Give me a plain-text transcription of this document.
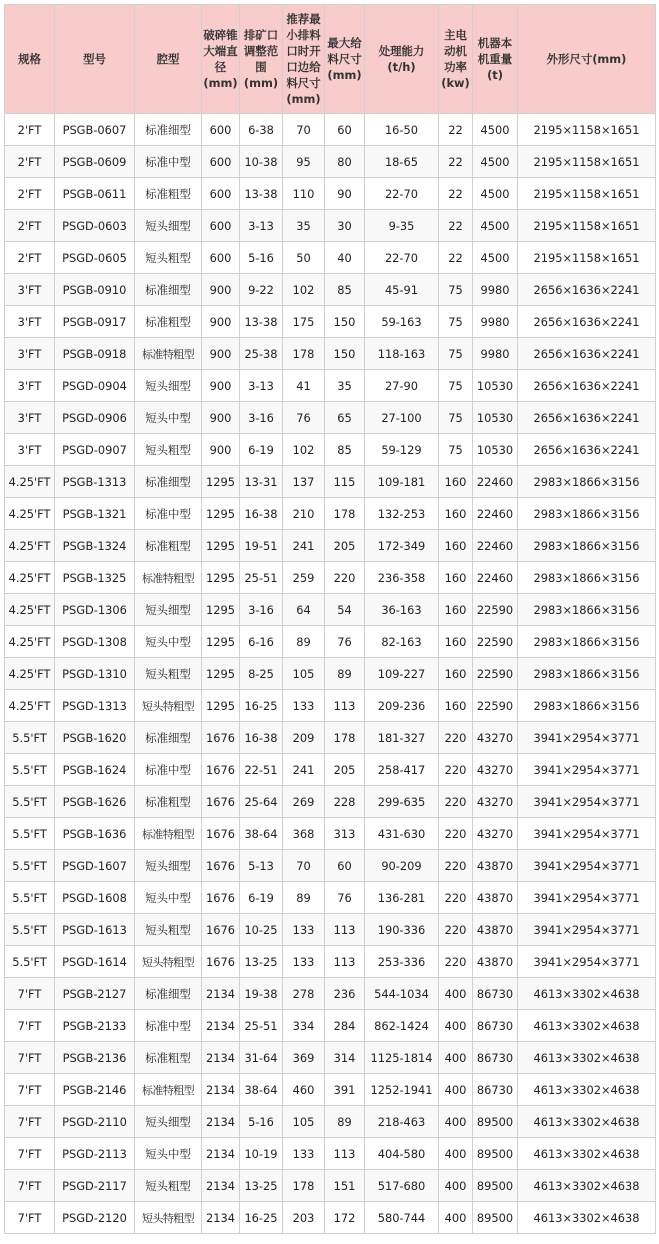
规格	型号	腔型	破碎锥大端直径(mm)	排矿口调整范围(mm)	推荐最小排料口时开口边给料尺寸(mm)	最大给料尺寸(mm)	处理能力(t/h)	主电动机功率(kw)	机器本机重量(t)	外形尺寸(mm)
2'FT	PSGB-0607	标准细型	600	6-38	70	60	16-50	22	4500	2195×1158×1651
2'FT	PSGB-0609	标准中型	600	10-38	95	80	18-65	22	4500	2195×1158×1651
2'FT	PSGB-0611	标准粗型	600	13-38	110	90	22-70	22	4500	2195×1158×1651
2'FT	PSGD-0603	短头细型	600	3-13	35	30	9-35	22	4500	2195×1158×1651
2'FT	PSGD-0605	短头粗型	600	5-16	50	40	22-70	22	4500	2195×1158×1651
3'FT	PSGB-0910	标准细型	900	9-22	102	85	45-91	75	9980	2656×1636×2241
3'FT	PSGB-0917	标准粗型	900	13-38	175	150	59-163	75	9980	2656×1636×2241
3'FT	PSGB-0918	标准特粗型	900	25-38	178	150	118-163	75	9980	2656×1636×2241
3'FT	PSGD-0904	短头细型	900	3-13	41	35	27-90	75	10530	2656×1636×2241
3'FT	PSGD-0906	短头中型	900	3-16	76	65	27-100	75	10530	2656×1636×2241
3'FT	PSGD-0907	短头粗型	900	6-19	102	85	59-129	75	10530	2656×1636×2241
4.25'FT	PSGB-1313	标准细型	1295	13-31	137	115	109-181	160	22460	2983×1866×3156
4.25'FT	PSGB-1321	标准中型	1295	16-38	210	178	132-253	160	22460	2983×1866×3156
4.25'FT	PSGB-1324	标准粗型	1295	19-51	241	205	172-349	160	22460	2983×1866×3156
4.25'FT	PSGB-1325	标准特粗型	1295	25-51	259	220	236-358	160	22460	2983×1866×3156
4.25'FT	PSGD-1306	短头细型	1295	3-16	64	54	36-163	160	22590	2983×1866×3156
4.25'FT	PSGD-1308	短头中型	1295	6-16	89	76	82-163	160	22590	2983×1866×3156
4.25'FT	PSGD-1310	短头粗型	1295	8-25	105	89	109-227	160	22590	2983×1866×3156
4.25'FT	PSGD-1313	短头特粗型	1295	16-25	133	113	209-236	160	22590	2983×1866×3156
5.5'FT	PSGB-1620	标准细型	1676	16-38	209	178	181-327	220	43270	3941×2954×3771
5.5'FT	PSGB-1624	标准中型	1676	22-51	241	205	258-417	220	43270	3941×2954×3771
5.5'FT	PSGB-1626	标准粗型	1676	25-64	269	228	299-635	220	43270	3941×2954×3771
5.5'FT	PSGB-1636	标准特粗型	1676	38-64	368	313	431-630	220	43270	3941×2954×3771
5.5'FT	PSGD-1607	短头细型	1676	5-13	70	60	90-209	220	43870	3941×2954×3771
5.5'FT	PSGD-1608	短头中型	1676	6-19	89	76	136-281	220	43870	3941×2954×3771
5.5'FT	PSGD-1613	短头粗型	1676	10-25	133	113	190-336	220	43870	3941×2954×3771
5.5'FT	PSGD-1614	短头特粗型	1676	13-25	133	113	253-336	220	43870	3941×2954×3771
7'FT	PSGB-2127	标准细型	2134	19-38	278	236	544-1034	400	86730	4613×3302×4638
7'FT	PSGB-2133	标准中型	2134	25-51	334	284	862-1424	400	86730	4613×3302×4638
7'FT	PSGB-2136	标准粗型	2134	31-64	369	314	1125-1814	400	86730	4613×3302×4638
7'FT	PSGB-2146	标准特粗型	2134	38-64	460	391	1252-1941	400	86730	4613×3302×4638
7'FT	PSGD-2110	短头细型	2134	5-16	105	89	218-463	400	89500	4613×3302×4638
7'FT	PSGD-2113	短头中型	2134	10-19	133	113	404-580	400	89500	4613×3302×4638
7'FT	PSGD-2117	短头粗型	2134	13-25	178	151	517-680	400	89500	4613×3302×4638
7'FT	PSGD-2120	短头特粗型	2134	16-25	203	172	580-744	400	89500	4613×3302×4638
